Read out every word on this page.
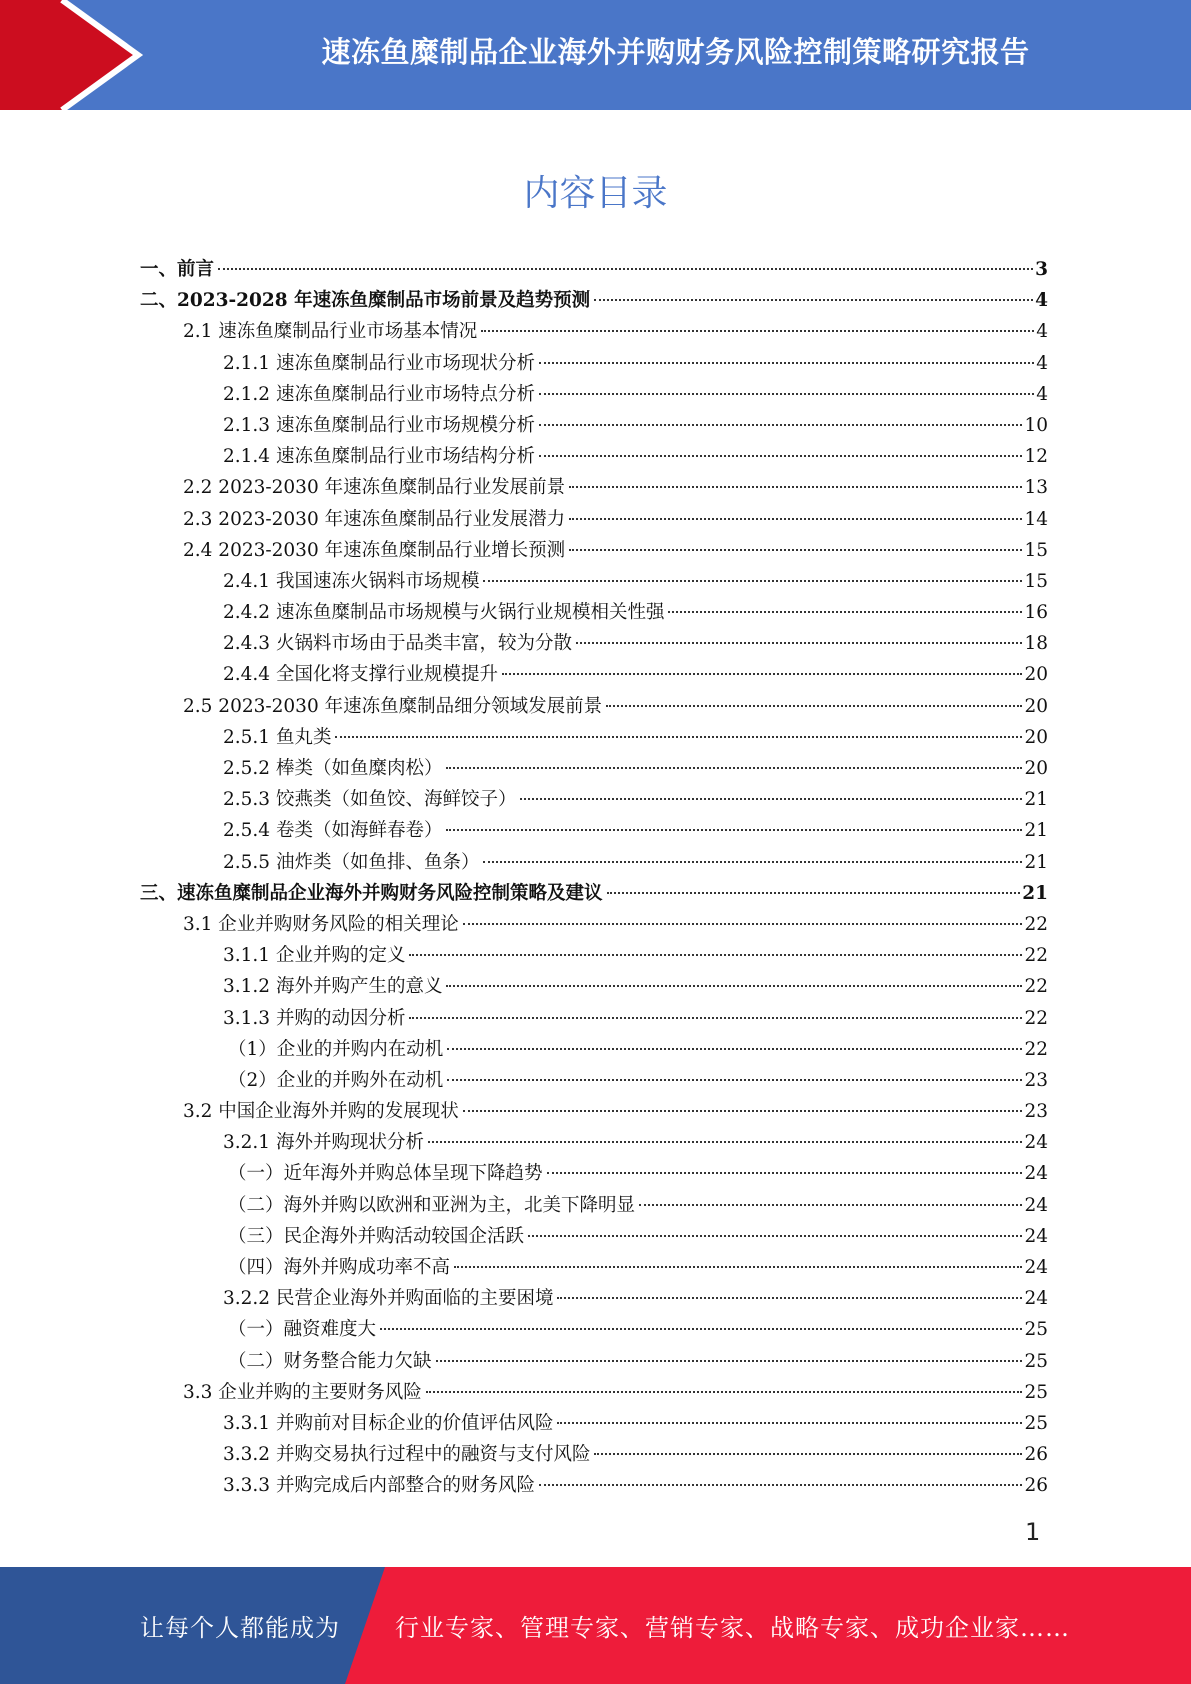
速冻鱼糜制品企业海外并购财务风险控制策略研究报告
内容目录
一、前言	3
二、2023-2028 年速冻鱼糜制品市场前景及趋势预测	4
2.1 速冻鱼糜制品行业市场基本情况	4
2.1.1 速冻鱼糜制品行业市场现状分析	4
2.1.2 速冻鱼糜制品行业市场特点分析	4
2.1.3 速冻鱼糜制品行业市场规模分析	10
2.1.4 速冻鱼糜制品行业市场结构分析	12
2.2 2023-2030 年速冻鱼糜制品行业发展前景	13
2.3 2023-2030 年速冻鱼糜制品行业发展潜力	14
2.4 2023-2030 年速冻鱼糜制品行业增长预测	15
2.4.1 我国速冻火锅料市场规模	15
2.4.2 速冻鱼糜制品市场规模与火锅行业规模相关性强	16
2.4.3 火锅料市场由于品类丰富，较为分散	18
2.4.4 全国化将支撑行业规模提升	20
2.5 2023-2030 年速冻鱼糜制品细分领域发展前景	20
2.5.1 鱼丸类	20
2.5.2 棒类（如鱼糜肉松）	20
2.5.3 饺燕类（如鱼饺、海鲜饺子）	21
2.5.4 卷类（如海鲜春卷）	21
2.5.5 油炸类（如鱼排、鱼条）	21
三、速冻鱼糜制品企业海外并购财务风险控制策略及建议	21
3.1 企业并购财务风险的相关理论	22
3.1.1 企业并购的定义	22
3.1.2 海外并购产生的意义	22
3.1.3 并购的动因分析	22
（1）企业的并购内在动机	22
（2）企业的并购外在动机	23
3.2 中国企业海外并购的发展现状	23
3.2.1 海外并购现状分析	24
（一）近年海外并购总体呈现下降趋势	24
（二）海外并购以欧洲和亚洲为主，北美下降明显	24
（三）民企海外并购活动较国企活跃	24
（四）海外并购成功率不高	24
3.2.2 民营企业海外并购面临的主要困境	24
（一）融资难度大	25
（二）财务整合能力欠缺	25
3.3 企业并购的主要财务风险	25
3.3.1 并购前对目标企业的价值评估风险	25
3.3.2 并购交易执行过程中的融资与支付风险	26
3.3.3 并购完成后内部整合的财务风险	26
1
让每个人都能成为 行业专家、管理专家、营销专家、战略专家、成功企业家……
